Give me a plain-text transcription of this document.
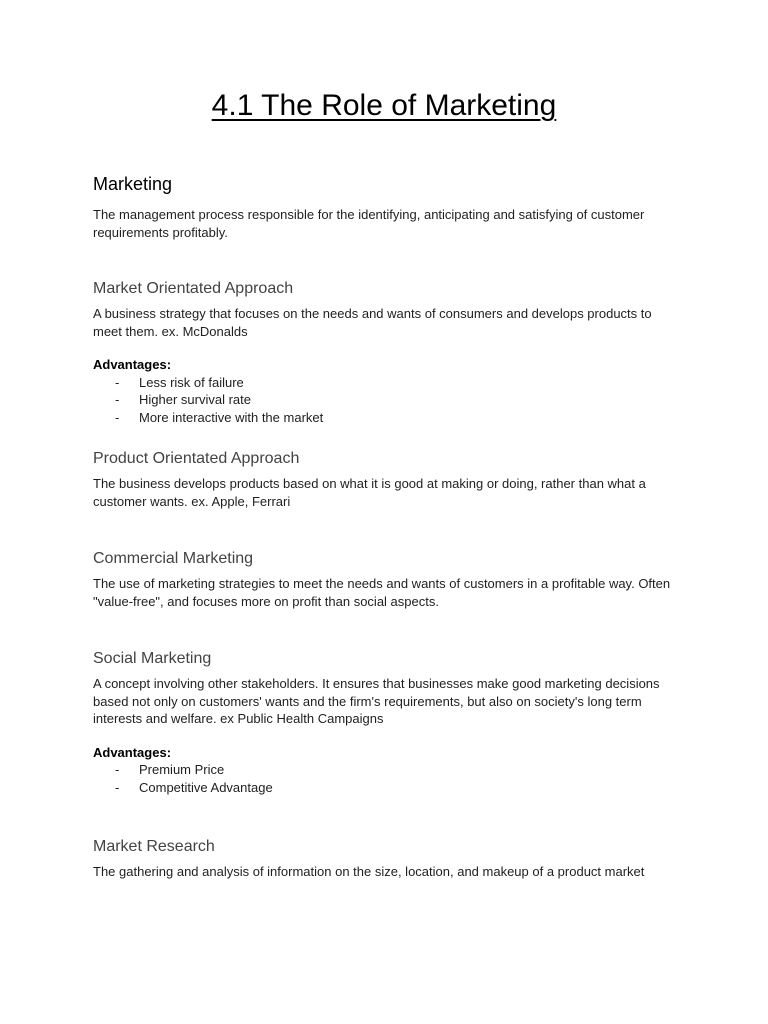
4.1 The Role of Marketing
Marketing

The management process responsible for the identifying, anticipating and satisfying of customer requirements profitably.

Market Orientated Approach

A business strategy that focuses on the needs and wants of consumers and develops products to meet them. ex. McDonalds

Advantages:

- Less risk of failure
- Higher survival rate
- More interactive with the market
Product Orientated Approach

The business develops products based on what it is good at making or doing, rather than what a customer wants. ex. Apple, Ferrari

Commercial Marketing

The use of marketing strategies to meet the needs and wants of customers in a profitable way. Often "value-free", and focuses more on profit than social aspects.

Social Marketing

A concept involving other stakeholders. It ensures that businesses make good marketing decisions based not only on customers' wants and the firm's requirements, but also on society's long term interests and welfare. ex Public Health Campaigns

Advantages:

- Premium Price
- Competitive Advantage
Market Research

The gathering and analysis of information on the size, location, and makeup of a product market
